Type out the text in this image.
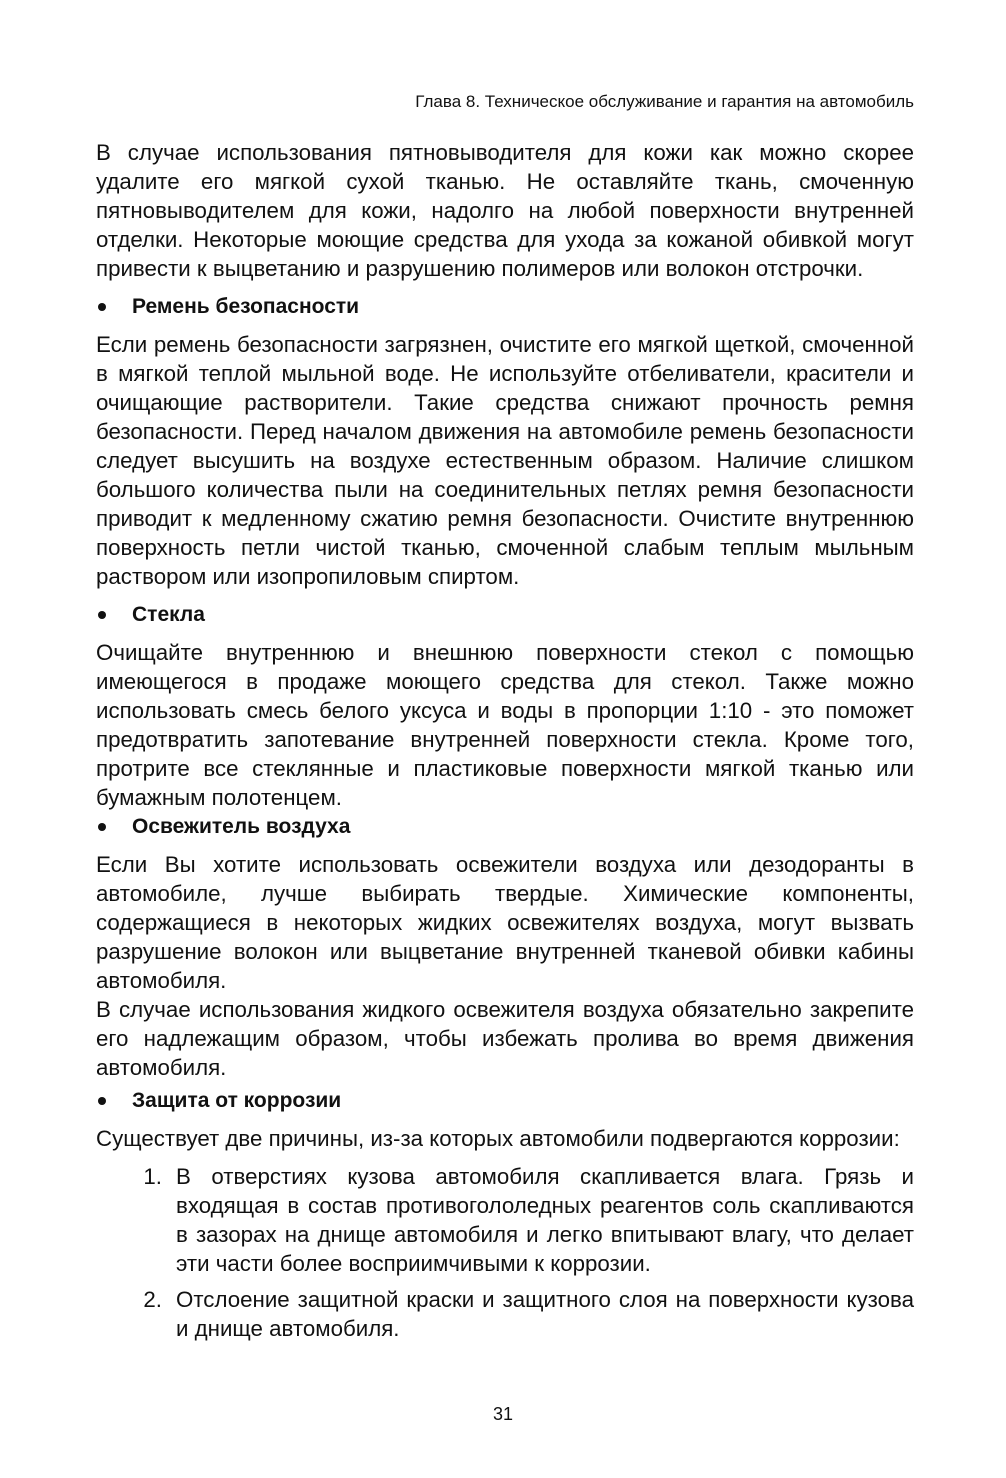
Глава 8. Техническое обслуживание и гарантия на автомобиль

В случае использования пятновыводителя для кожи как можно скорее удалите его мягкой сухой тканью. Не оставляйте ткань, смоченную пятновыводителем для кожи, надолго на любой поверхности внутренней отделки. Некоторые моющие средства для ухода за кожаной обивкой могут привести к выцветанию и разрушению полимеров или волокон отстрочки.

Ремень безопасности

Если ремень безопасности загрязнен, очистите его мягкой щеткой, смоченной в мягкой теплой мыльной воде. Не используйте отбеливатели, красители и очищающие растворители. Такие средства снижают прочность ремня безопасности. Перед началом движения на автомобиле ремень безопасности следует высушить на воздухе естественным образом. Наличие слишком большого количества пыли на соединительных петлях ремня безопасности приводит к медленному сжатию ремня безопасности. Очистите внутреннюю поверхность петли чистой тканью, смоченной слабым теплым мыльным раствором или изопропиловым спиртом.

Стекла

Очищайте внутреннюю и внешнюю поверхности стекол с помощью имеющегося в продаже моющего средства для стекол. Также можно использовать смесь белого уксуса и воды в пропорции 1:10 - это поможет предотвратить запотевание внутренней поверхности стекла. Кроме того, протрите все стеклянные и пластиковые поверхности мягкой тканью или бумажным полотенцем.

Освежитель воздуха

Если Вы хотите использовать освежители воздуха или дезодоранты в автомобиле, лучше выбирать твердые. Химические компоненты, содержащиеся в некоторых жидких освежителях воздуха, могут вызвать разрушение волокон или выцветание внутренней тканевой обивки кабины автомобиля.

В случае использования жидкого освежителя воздуха обязательно закрепите его надлежащим образом, чтобы избежать пролива во время движения автомобиля.

Защита от коррозии

Существует две причины, из-за которых автомобили подвергаются коррозии:

1. В отверстиях кузова автомобиля скапливается влага. Грязь и входящая в состав противогололедных реагентов соль скапливаются в зазорах на днище автомобиля и легко впитывают влагу, что делает эти части более восприимчивыми к коррозии.
2. Отслоение защитной краски и защитного слоя на поверхности кузова и днище автомобиля.
31
